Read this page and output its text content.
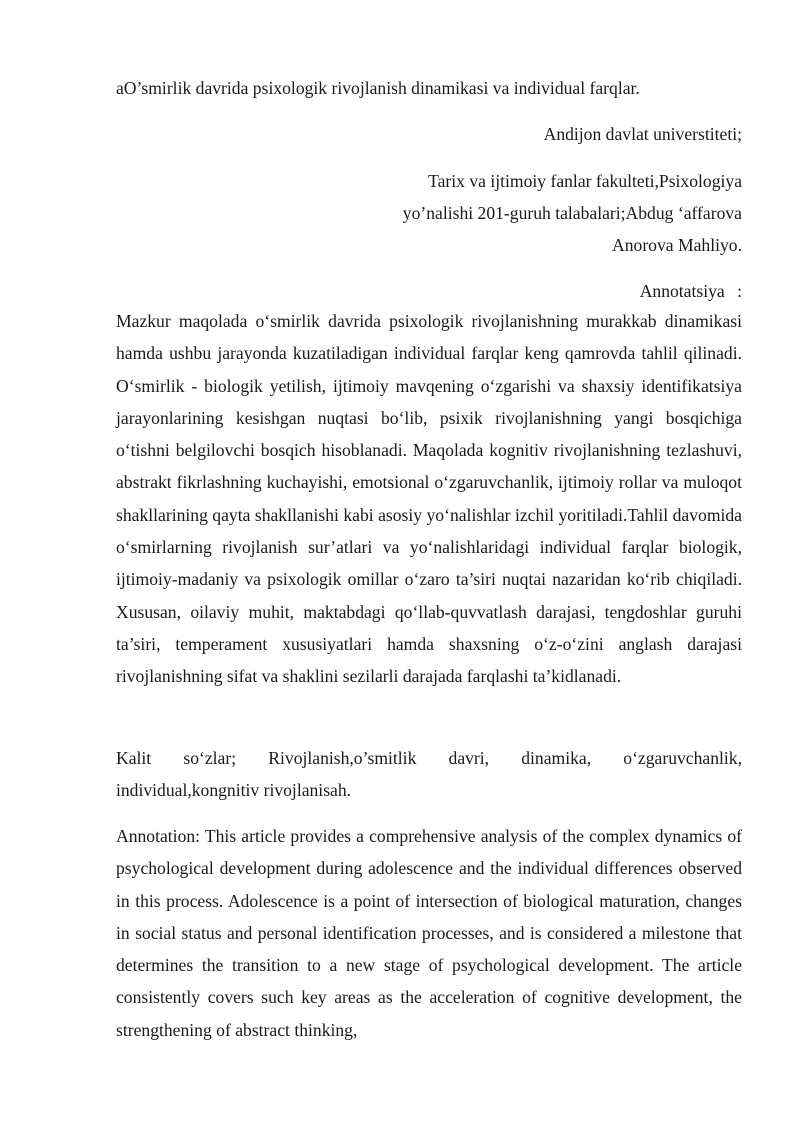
aO’smirlik davrida psixologik rivojlanish dinamikasi va individual farqlar.
Andijon davlat universtiteti;
Tarix va ijtimoiy fanlar fakulteti,Psixologiya
yo’nalishi 201-guruh talabalari;Abdug ‘affarova
Anorova Mahliyo.
Annotatsiya :

Mazkur maqolada o‘smirlik davrida psixologik rivojlanishning murakkab dinamikasi hamda ushbu jarayonda kuzatiladigan individual farqlar keng qamrovda tahlil qilinadi. O‘smirlik - biologik yetilish, ijtimoiy mavqening o‘zgarishi va shaxsiy identifikatsiya jarayonlarining kesishgan nuqtasi bo‘lib, psixik rivojlanishning yangi bosqichiga o‘tishni belgilovchi bosqich hisoblanadi. Maqolada kognitiv rivojlanishning tezlashuvi, abstrakt fikrlashning kuchayishi, emotsional o‘zgaruvchanlik, ijtimoiy rollar va muloqot shakllarining qayta shakllanishi kabi asosiy yo‘nalishlar izchil yoritiladi.Tahlil davomida o‘smirlarning rivojlanish sur’atlari va yo‘nalishlaridagi individual farqlar biologik, ijtimoiy-madaniy va psixologik omillar o‘zaro ta’siri nuqtai nazaridan ko‘rib chiqiladi. Xususan, oilaviy muhit, maktabdagi qo‘llab-quvvatlash darajasi, tengdoshlar guruhi ta’siri, temperament xususiyatlari hamda shaxsning o‘z-o‘zini anglash darajasi rivojlanishning sifat va shaklini sezilarli darajada farqlashi ta’kidlanadi.

Kalit so‘zlar; Rivojlanish,o’smitlik davri, dinamika, o‘zgaruvchanlik, individual,kongnitiv rivojlanisah.

Annotation: This article provides a comprehensive analysis of the complex dynamics of psychological development during adolescence and the individual differences observed in this process. Adolescence is a point of intersection of biological maturation, changes in social status and personal identification processes, and is considered a milestone that determines the transition to a new stage of psychological development. The article consistently covers such key areas as the acceleration of cognitive development, the strengthening of abstract thinking,
